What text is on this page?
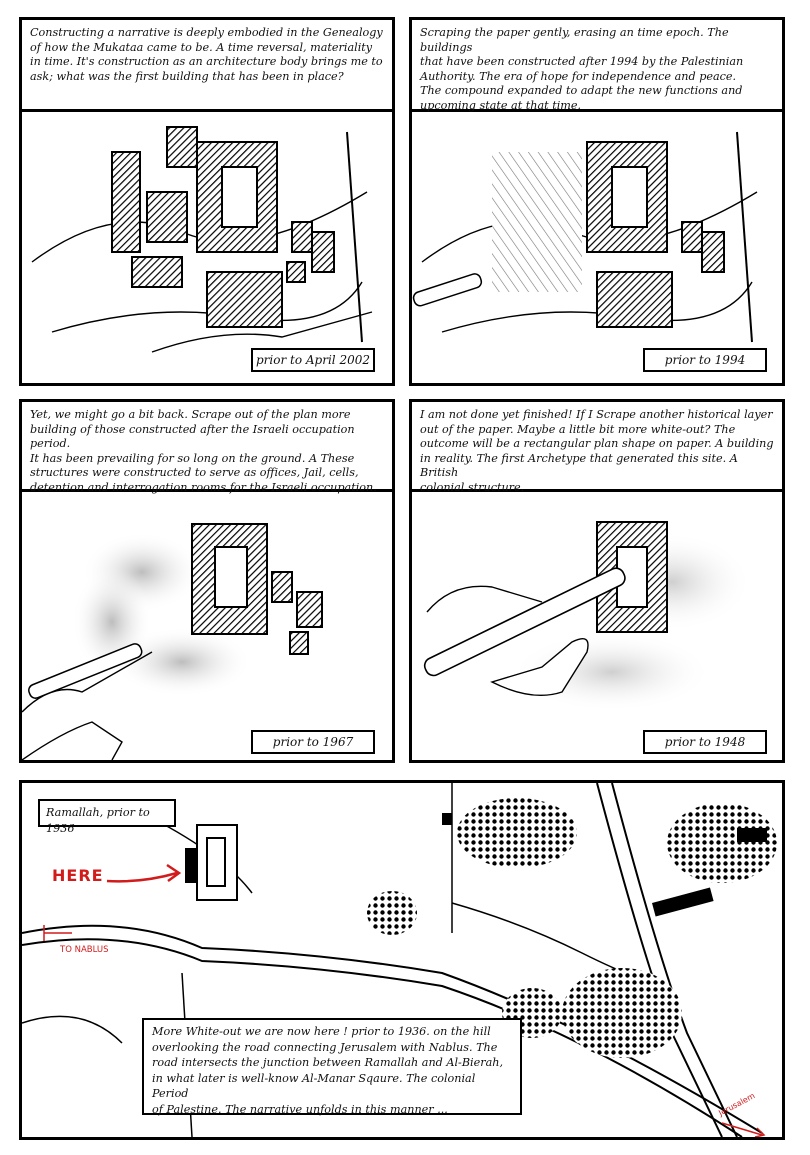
Constructing a narrative is deeply embodied in the Genealogy
of how the Mukataa came to be. A time reversal, materiality
in time. It's construction as an architecture body brings me to
ask; what was the first building that has been in place?
prior to April 2002
Scraping the paper gently, erasing an time epoch. The buildings
that have been constructed after 1994 by the Palestinian
Authority. The era of hope for independence and peace.
The compound expanded to adapt the new functions and
upcoming state at that time.
prior to 1994
Yet, we might go a bit back. Scrape out of the plan more
building of those constructed after the Israeli occupation period.
It has been prevailing for so long on the ground. A These
structures were constructed to serve as offices, Jail, cells,
detention and interrogation rooms for the Israeli occupation.
prior to 1967
I am not done yet finished! If I Scrape another historical layer
out of the paper. Maybe a little bit more white-out? The
outcome will be a rectangular plan shape on paper. A building
in reality. The first Archetype that generated this site. A British
colonial structure.
prior to 1948
Ramallah, prior to 1936
HERE
TO NABLUS
Jerusalem
More White-out we are now here ! prior to 1936. on the hill
overlooking the road connecting Jerusalem with Nablus. The
road intersects the junction between Ramallah and Al-Bierah,
in what later is well-know Al-Manar Sqaure. The colonial Period
of Palestine. The narrative unfolds in this manner ...
